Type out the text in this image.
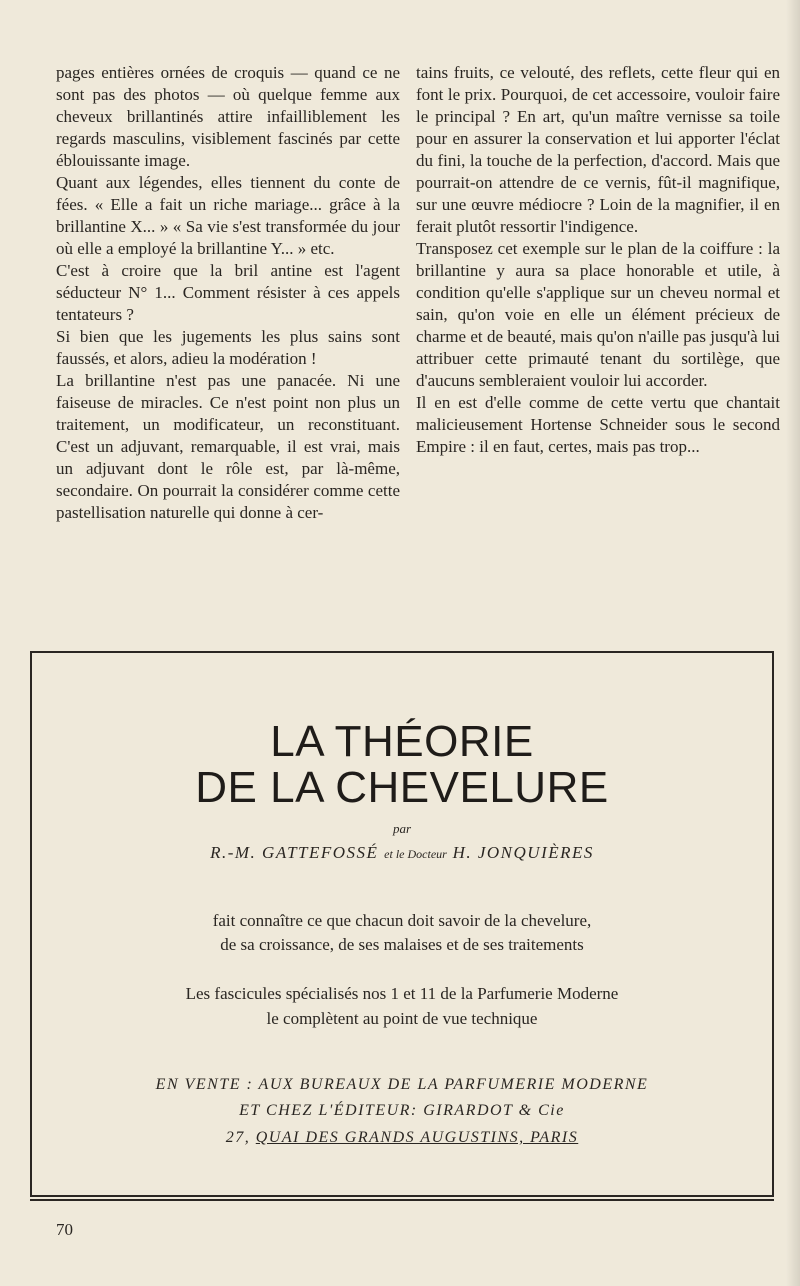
pages entières ornées de croquis — quand ce ne sont pas des photos — où quelque femme aux cheveux brillantinés attire infailliblement les regards masculins, visiblement fascinés par cette éblouissante image.

Quant aux légendes, elles tiennent du conte de fées. « Elle a fait un riche mariage... grâce à la brillantine X... » « Sa vie s'est transformée du jour où elle a employé la brillantine Y... » etc.

C'est à croire que la bril antine est l'agent séducteur N° 1... Comment résister à ces appels tentateurs ?

Si bien que les jugements les plus sains sont faussés, et alors, adieu la modération !

La brillantine n'est pas une panacée. Ni une faiseuse de miracles. Ce n'est point non plus un traitement, un modificateur, un reconstituant. C'est un adjuvant, remarquable, il est vrai, mais un adjuvant dont le rôle est, par là-même, secondaire. On pourrait la considérer comme cette pastellisation naturelle qui donne à cer-

tains fruits, ce velouté, des reflets, cette fleur qui en font le prix. Pourquoi, de cet accessoire, vouloir faire le principal ? En art, qu'un maître vernisse sa toile pour en assurer la conservation et lui apporter l'éclat du fini, la touche de la perfection, d'accord. Mais que pourrait-on attendre de ce vernis, fût-il magnifique, sur une œuvre médiocre ? Loin de la magnifier, il en ferait plutôt ressortir l'indigence.

Transposez cet exemple sur le plan de la coiffure : la brillantine y aura sa place honorable et utile, à condition qu'elle s'applique sur un cheveu normal et sain, qu'on voie en elle un élément précieux de charme et de beauté, mais qu'on n'aille pas jusqu'à lui attribuer cette primauté tenant du sortilège, que d'aucuns sembleraient vouloir lui accorder.

Il en est d'elle comme de cette vertu que chantait malicieusement Hortense Schneider sous le second Empire : il en faut, certes, mais pas trop...

LA THÉORIE
DE LA CHEVELURE
par
R.-M. GATTEFOSSÉ et le Docteur H. JONQUIÈRES
fait connaître ce que chacun doit savoir de la chevelure,
de sa croissance, de ses malaises et de ses traitements
Les fascicules spécialisés nos 1 et 11 de la Parfumerie Moderne
le complètent au point de vue technique
EN VENTE : AUX BUREAUX DE LA PARFUMERIE MODERNE
ET CHEZ L'ÉDITEUR: GIRARDOT & Cie
27, QUAI DES GRANDS AUGUSTINS, PARIS
70
